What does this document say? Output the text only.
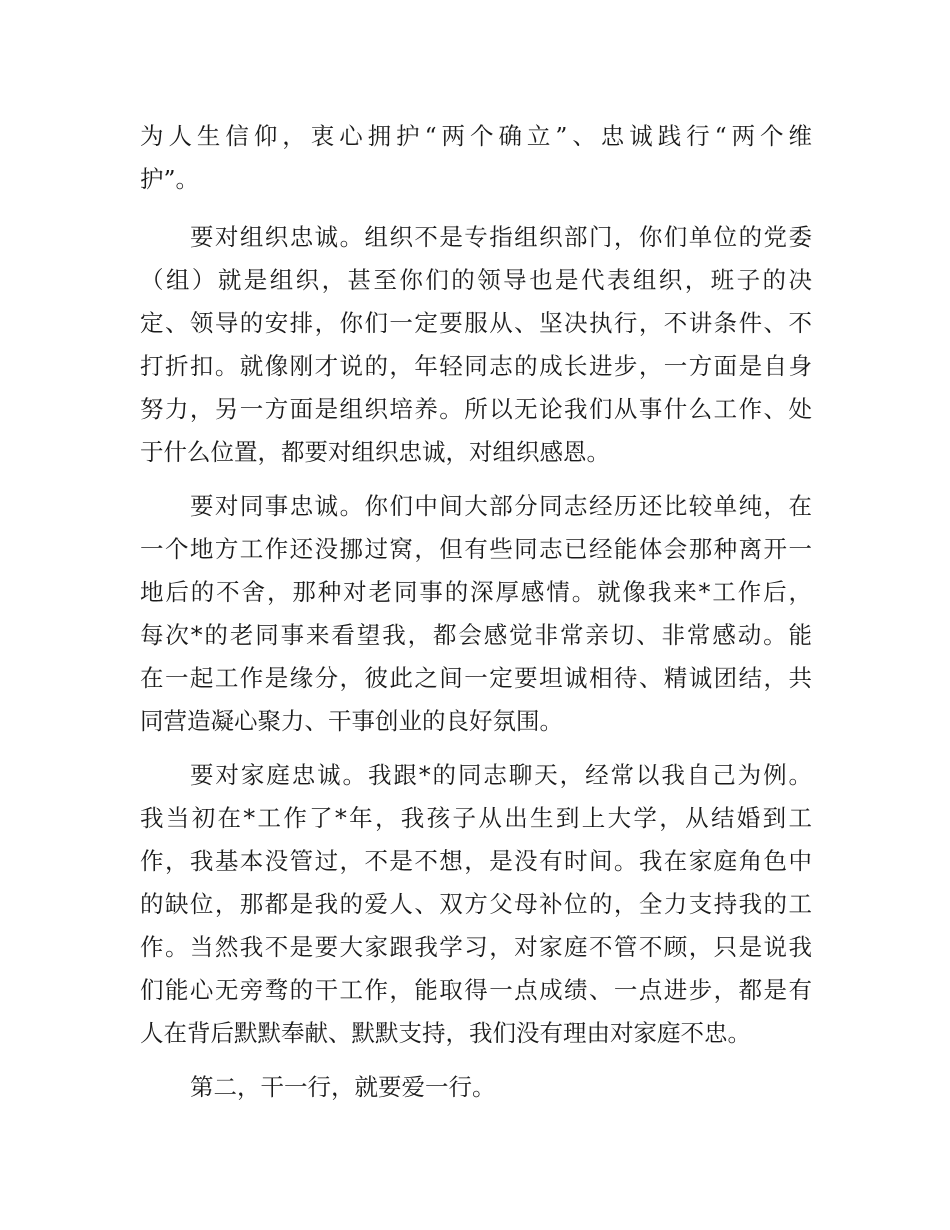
为人生信仰，衷心拥护“两个确立”、忠诚践行“两个维
护”。
要对组织忠诚。组织不是专指组织部门，你们单位的党委
（组）就是组织，甚至你们的领导也是代表组织，班子的决
定、领导的安排，你们一定要服从、坚决执行，不讲条件、不
打折扣。就像刚才说的，年轻同志的成长进步，一方面是自身
努力，另一方面是组织培养。所以无论我们从事什么工作、处
于什么位置，都要对组织忠诚，对组织感恩。
要对同事忠诚。你们中间大部分同志经历还比较单纯，在
一个地方工作还没挪过窝，但有些同志已经能体会那种离开一
地后的不舍，那种对老同事的深厚感情。就像我来*工作后，
每次*的老同事来看望我，都会感觉非常亲切、非常感动。能
在一起工作是缘分，彼此之间一定要坦诚相待、精诚团结，共
同营造凝心聚力、干事创业的良好氛围。
要对家庭忠诚。我跟*的同志聊天，经常以我自己为例。
我当初在*工作了*年，我孩子从出生到上大学，从结婚到工
作，我基本没管过，不是不想，是没有时间。我在家庭角色中
的缺位，那都是我的爱人、双方父母补位的，全力支持我的工
作。当然我不是要大家跟我学习，对家庭不管不顾，只是说我
们能心无旁骛的干工作，能取得一点成绩、一点进步，都是有
人在背后默默奉献、默默支持，我们没有理由对家庭不忠。
第二，干一行，就要爱一行。
